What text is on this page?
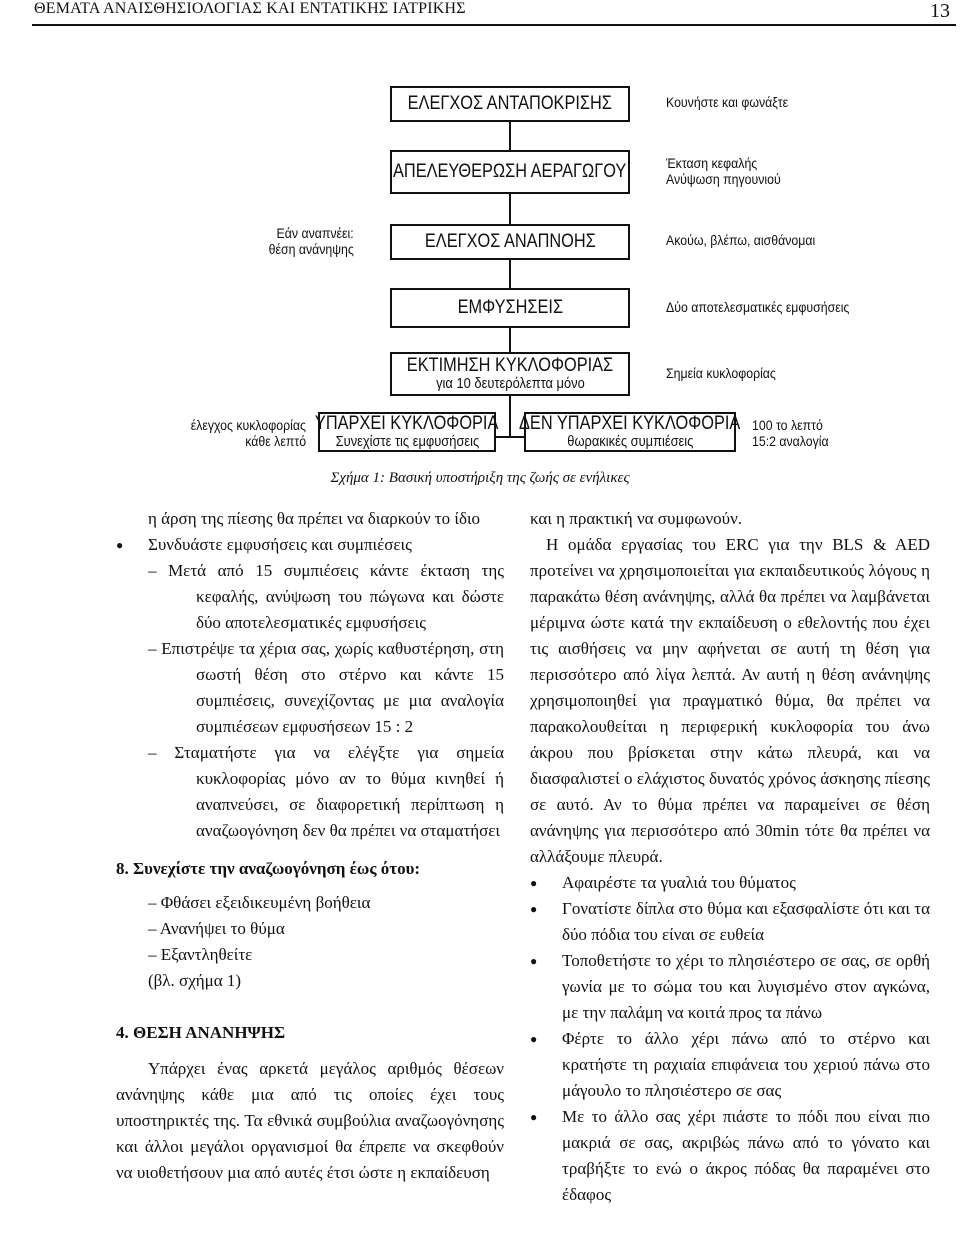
ΘΕΜΑΤΑ ΑΝΑΙΣΘΗΣΙΟΛΟΓΙΑΣ ΚΑΙ ΕΝΤΑΤΙΚΗΣ ΙΑΤΡΙΚΗΣ	13
ΕΛΕΓΧΟΣ ΑΝΤΑΠΟΚΡΙΣΗΣ	Κουνήστε και φωνάξτε
ΑΠΕΛΕΥΘΕΡΩΣΗ ΑΕΡΑΓΩΓΟΥ	Έκταση κεφαλής
Ανύψωση πηγουνιού
Εάν αναπνέει:
θέση ανάνηψης	ΕΛΕΓΧΟΣ ΑΝΑΠΝΟΗΣ	Ακούω, βλέπω, αισθάνομαι
ΕΜΦΥΣΗΣΕΙΣ	Δύο αποτελεσματικές εμφυσήσεις
ΕΚΤΙΜΗΣΗ ΚΥΚΛΟΦΟΡΙΑΣ
για 10 δευτερόλεπτα μόνο
Σημεία κυκλοφορίας
έλεγχος κυκλοφορίας
κάθε λεπτό
ΥΠΑΡΧΕΙ ΚΥΚΛΟΦΟΡΙΑ
Συνεχίστε τις εμφυσήσεις
ΔΕΝ ΥΠΑΡΧΕΙ ΚΥΚΛΟΦΟΡΙΑ
θωρακικές συμπιέσεις
100 το λεπτό
15:2 αναλογία
Σχήμα 1: Βασική υποστήριξη της ζωής σε ενήλικες
η άρση της πίεσης θα πρέπει να διαρκούν το ίδιο
● Συνδυάστε εμφυσήσεις και συμπιέσεις
– Μετά από 15 συμπιέσεις κάντε έκταση της κεφαλής, ανύψωση του πώγωνα και δώστε δύο αποτελεσματικές εμφυσήσεις
– Επιστρέψε τα χέρια σας, χωρίς καθυστέρηση, στη σωστή θέση στο στέρνο και κάντε 15 συμπιέσεις, συνεχίζοντας με μια αναλογία συμπιέσεων εμφυσήσεων 15 : 2
– Σταματήστε για να ελέγξτε για σημεία κυκλοφορίας μόνο αν το θύμα κινηθεί ή αναπνεύσει, σε διαφορετική περίπτωση η αναζωογόνηση δεν θα πρέπει να σταματήσει
8. Συνεχίστε την αναζωογόνηση έως ότου:
– Φθάσει εξειδικευμένη βοήθεια
– Ανανήψει το θύμα
– Εξαντληθείτε
(βλ. σχήμα 1)
4. ΘΕΣΗ ΑΝΑΝΗΨΗΣ
Υπάρχει ένας αρκετά μεγάλος αριθμός θέσεων ανάνηψης κάθε μια από τις οποίες έχει τους υποστηρικτές της. Τα εθνικά συμβούλια αναζωογόνησης και άλλοι μεγάλοι οργανισμοί θα έπρεπε να σκεφθούν να υιοθετήσουν μια από αυτές έτσι ώστε η εκπαίδευση
και η πρακτική να συμφωνούν.
Η ομάδα εργασίας του ERC για την BLS & AED προτείνει να χρησιμοποιείται για εκπαιδευτικούς λόγους η παρακάτω θέση ανάνηψης, αλλά θα πρέπει να λαμβάνεται μέριμνα ώστε κατά την εκπαίδευση ο εθελοντής που έχει τις αισθήσεις να μην αφήνεται σε αυτή τη θέση για περισσότερο από λίγα λεπτά. Αν αυτή η θέση ανάνηψης χρησιμοποιηθεί για πραγματικό θύμα, θα πρέπει να παρακολουθείται η περιφερική κυκλοφορία του άνω άκρου που βρίσκεται στην κάτω πλευρά, και να διασφαλιστεί ο ελάχιστος δυνατός χρόνος άσκησης πίεσης σε αυτό. Αν το θύμα πρέπει να παραμείνει σε θέση ανάνηψης για περισσότερο από 30min τότε θα πρέπει να αλλάξουμε πλευρά.
● Αφαιρέστε τα γυαλιά του θύματος
● Γονατίστε δίπλα στο θύμα και εξασφαλίστε ότι και τα δύο πόδια του είναι σε ευθεία
● Τοποθετήστε το χέρι το πλησιέστερο σε σας, σε ορθή γωνία με το σώμα του και λυγισμένο στον αγκώνα, με την παλάμη να κοιτά προς τα πάνω
● Φέρτε το άλλο χέρι πάνω από το στέρνο και κρατήστε τη ραχιαία επιφάνεια του χεριού πάνω στο μάγουλο το πλησιέστερο σε σας
● Με το άλλο σας χέρι πιάστε το πόδι που είναι πιο μακριά σε σας, ακριβώς πάνω από το γόνατο και τραβήξτε το ενώ ο άκρος πόδας θα παραμένει στο έδαφος
